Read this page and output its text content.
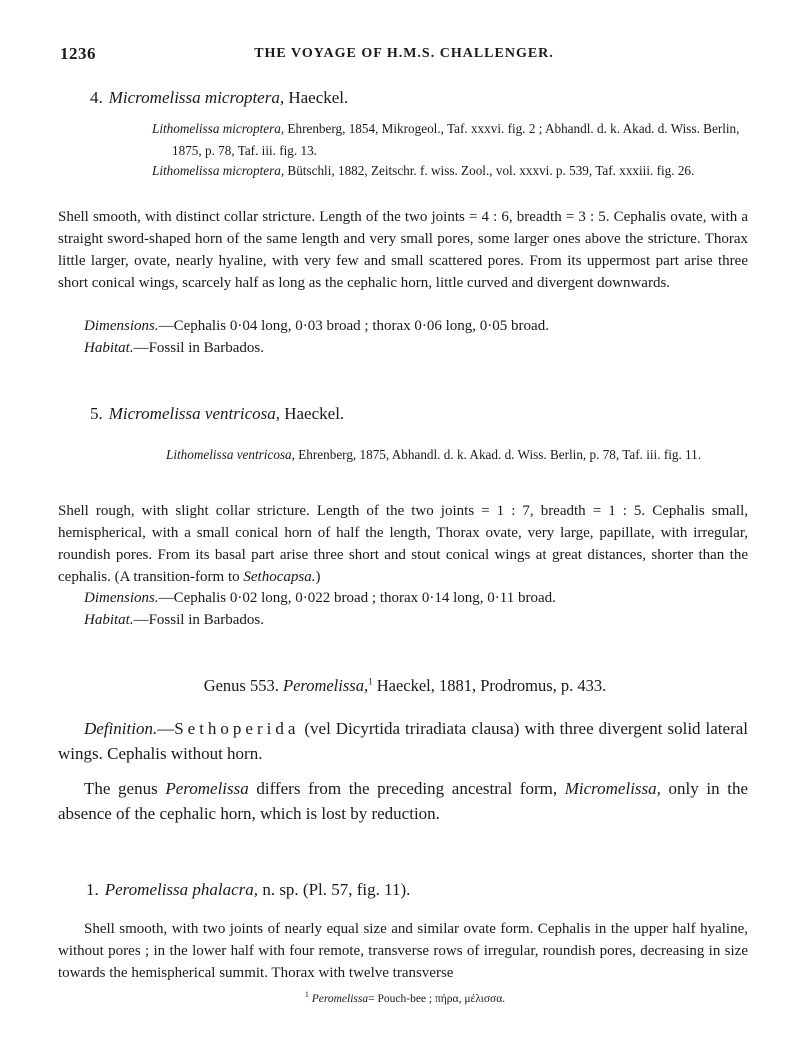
1236	THE VOYAGE OF H.M.S. CHALLENGER.
4. Micromelissa microptera, Haeckel.
Lithomelissa microptera, Ehrenberg, 1854, Mikrogeol., Taf. xxxvi. fig. 2 ; Abhandl. d. k. Akad. d. Wiss. Berlin, 1875, p. 78, Taf. iii. fig. 13.
Lithomelissa microptera, Bütschli, 1882, Zeitschr. f. wiss. Zool., vol. xxxvi. p. 539, Taf. xxxiii. fig. 26.
Shell smooth, with distinct collar stricture. Length of the two joints = 4 : 6, breadth = 3 : 5. Cephalis ovate, with a straight sword-shaped horn of the same length and very small pores, some larger ones above the stricture. Thorax little larger, ovate, nearly hyaline, with very few and small scattered pores. From its uppermost part arise three short conical wings, scarcely half as long as the cephalic horn, little curved and divergent downwards.
Dimensions.—Cephalis 0·04 long, 0·03 broad ; thorax 0·06 long, 0·05 broad.
Habitat.—Fossil in Barbados.
5. Micromelissa ventricosa, Haeckel.
Lithomelissa ventricosa, Ehrenberg, 1875, Abhandl. d. k. Akad. d. Wiss. Berlin, p. 78, Taf. iii. fig. 11.
Shell rough, with slight collar stricture. Length of the two joints = 1 : 7, breadth = 1 : 5. Cephalis small, hemispherical, with a small conical horn of half the length, Thorax ovate, very large, papillate, with irregular, roundish pores. From its basal part arise three short and stout conical wings at great distances, shorter than the cephalis. (A transition-form to Sethocapsa.)
Dimensions.—Cephalis 0·02 long, 0·022 broad ; thorax 0·14 long, 0·11 broad.
Habitat.—Fossil in Barbados.
Genus 553. Peromelissa,$^1$ Haeckel, 1881, Prodromus, p. 433.
Definition.—Sethoperida (vel Dicyrtida triradiata clausa) with three divergent solid lateral wings. Cephalis without horn.
The genus Peromelissa differs from the preceding ancestral form, Micromelissa, only in the absence of the cephalic horn, which is lost by reduction.
1. Peromelissa phalacra, n. sp. (Pl. 57, fig. 11).
Shell smooth, with two joints of nearly equal size and similar ovate form. Cephalis in the upper half hyaline, without pores ; in the lower half with four remote, transverse rows of irregular, roundish pores, decreasing in size towards the hemispherical summit. Thorax with twelve transverse
$^1$ Peromelissa= Pouch-bee ; πήρα, μέλισσα.
